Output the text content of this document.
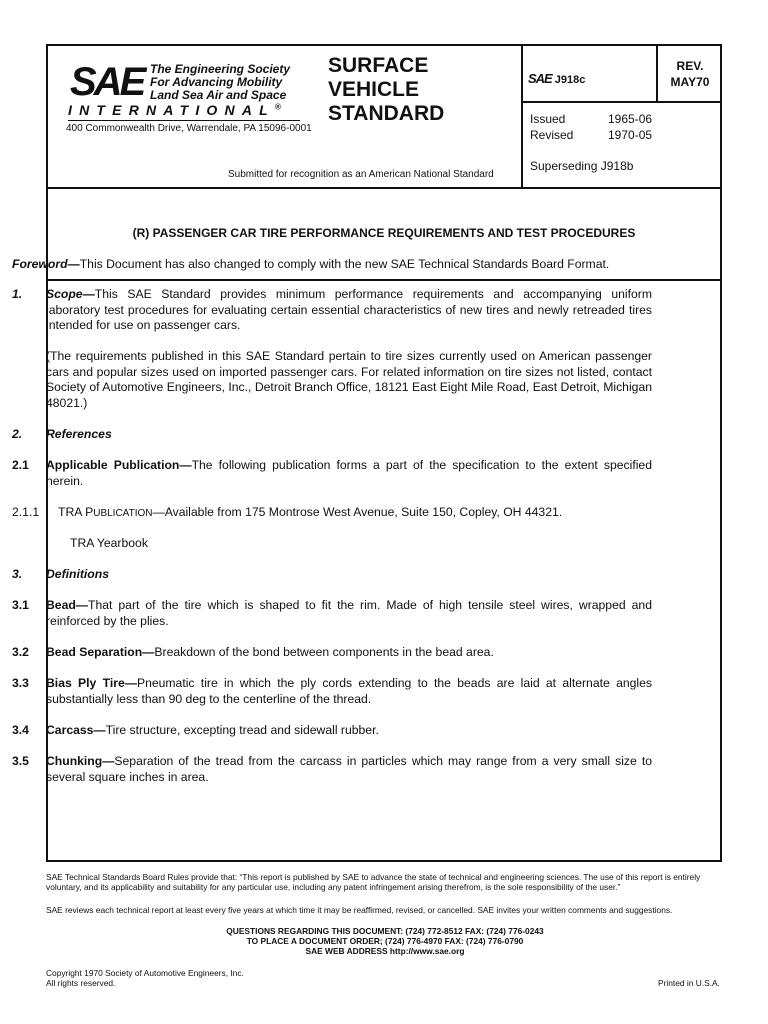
SAE The Engineering Society
For Advancing Mobility
Land Sea Air and Space
INTERNATIONAL®
400 Commonwealth Drive, Warrendale, PA 15096-0001
SURFACE
VEHICLE
STANDARD
Submitted for recognition as an American National Standard
SAE J918c
REV.
MAY70
Issued	1965-06
Revised	1970-05
Superseding J918b
(R) PASSENGER CAR TIRE PERFORMANCE REQUIREMENTS AND TEST PROCEDURES
Foreword—This Document has also changed to comply with the new SAE Technical Standards Board Format.
1. Scope—This SAE Standard provides minimum performance requirements and accompanying uniform laboratory test procedures for evaluating certain essential characteristics of new tires and newly retreaded tires intended for use on passenger cars.
(The requirements published in this SAE Standard pertain to tire sizes currently used on American passenger cars and popular sizes used on imported passenger cars. For related information on tire sizes not listed, contact Society of Automotive Engineers, Inc., Detroit Branch Office, 18121 East Eight Mile Road, East Detroit, Michigan 48021.)
2. References
2.1 Applicable Publication—The following publication forms a part of the specification to the extent specified herein.
2.1.1 TRA PUBLICATION—Available from 175 Montrose West Avenue, Suite 150, Copley, OH 44321.
TRA Yearbook
3. Definitions
3.1 Bead—That part of the tire which is shaped to fit the rim. Made of high tensile steel wires, wrapped and reinforced by the plies.
3.2 Bead Separation—Breakdown of the bond between components in the bead area.
3.3 Bias Ply Tire—Pneumatic tire in which the ply cords extending to the beads are laid at alternate angles substantially less than 90 deg to the centerline of the thread.
3.4 Carcass—Tire structure, excepting tread and sidewall rubber.
3.5 Chunking—Separation of the tread from the carcass in particles which may range from a very small size to several square inches in area.
SAE Technical Standards Board Rules provide that: “This report is published by SAE to advance the state of technical and engineering sciences. The use of this report is entirely voluntary, and its applicability and suitability for any particular use, including any patent infringement arising therefrom, is the sole responsibility of the user.”
SAE reviews each technical report at least every five years at which time it may be reaffirmed, revised, or cancelled. SAE invites your written comments and suggestions.
QUESTIONS REGARDING THIS DOCUMENT: (724) 772-8512 FAX: (724) 776-0243
TO PLACE A DOCUMENT ORDER; (724) 776-4970 FAX: (724) 776-0790
SAE WEB ADDRESS http://www.sae.org
Copyright 1970 Society of Automotive Engineers, Inc.
All rights reserved.	Printed in U.S.A.
